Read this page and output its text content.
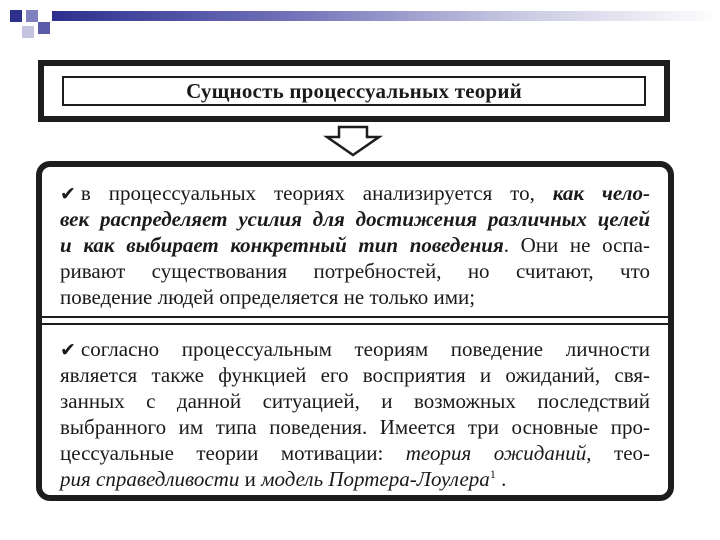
Сущность процессуальных теорий
✔ в процессуальных теориях анализируется то, как чело-
век распределяет усилия для достижения различных целей
и как выбирает конкретный тип поведения. Они не оспа-
ривают существования потребностей, но считают, что
поведение людей определяется не только ими;
✔ согласно процессуальным теориям поведение личности
является также функцией его восприятия и ожиданий, свя-
занных с данной ситуацией, и возможных последствий
выбранного им типа поведения. Имеется три основные про-
цессуальные теории мотивации: теория ожиданий, тео-
рия справедливости и модель Портера-Лоулера$^1$ .
